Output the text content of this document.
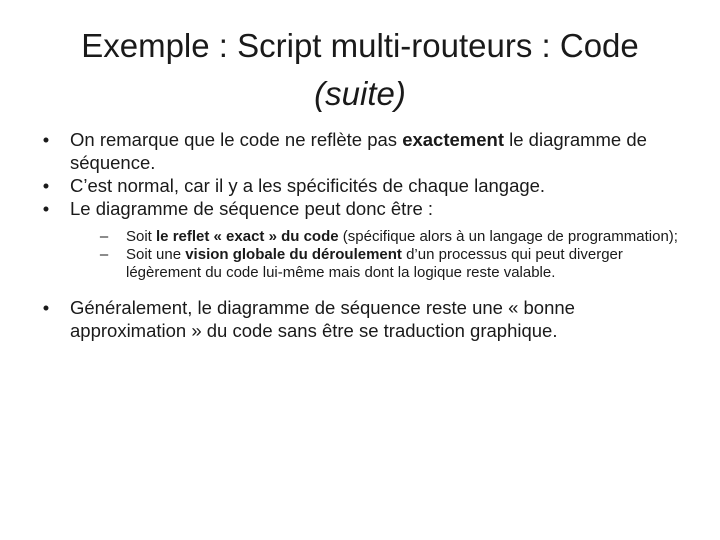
Exemple : Script multi-routeurs : Code
(suite)
•	On remarque que le code ne reflète pas exactement le diagramme de séquence.
•	C’est normal, car il y a les spécificités de chaque langage.
•	Le diagramme de séquence peut donc être :
–	Soit le reflet « exact » du code (spécifique alors à un langage de programmation);
–	Soit une vision globale du déroulement d’un processus qui peut diverger légèrement du code lui-même mais dont la logique reste valable.
•	Généralement, le diagramme de séquence reste une « bonne approximation » du code sans être se traduction graphique.
